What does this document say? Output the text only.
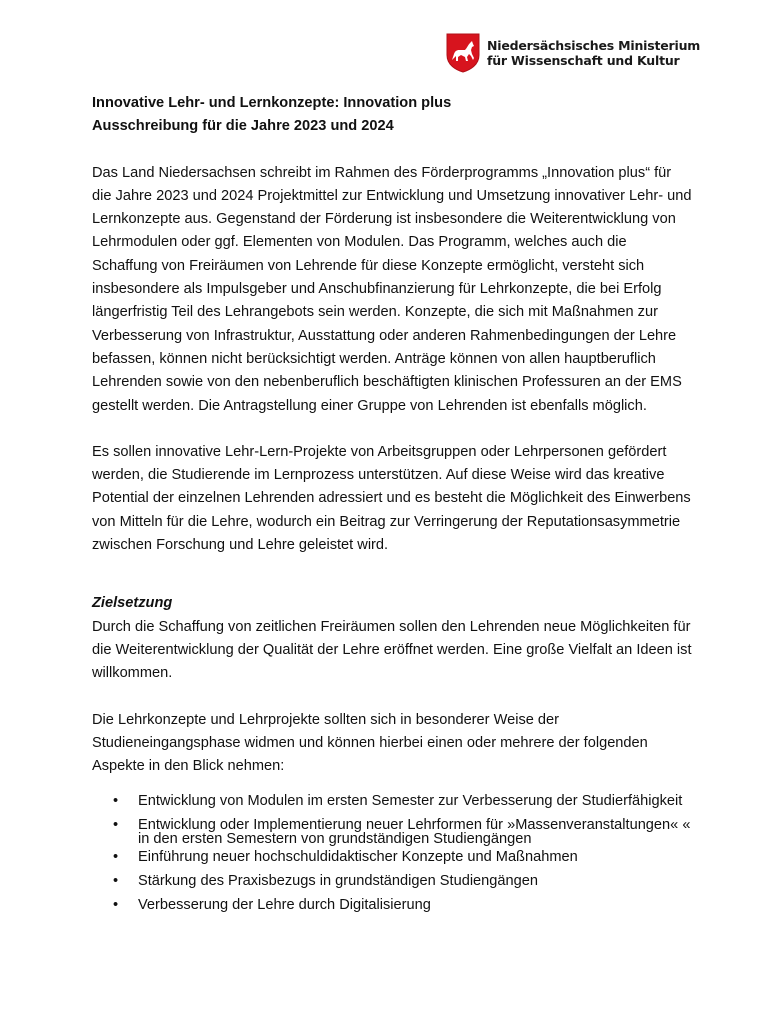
Niedersächsisches Ministerium
für Wissenschaft und Kultur

Innovative Lehr- und Lernkonzepte: Innovation plus

Ausschreibung für die Jahre 2023 und 2024

Das Land Niedersachsen schreibt im Rahmen des Förderprogramms „Innovation plus“ für die Jahre 2023 und 2024 Projektmittel zur Entwicklung und Umsetzung innovativer Lehr- und Lernkonzepte aus. Gegenstand der Förderung ist insbesondere die Weiterentwicklung von Lehrmodulen oder ggf. Elementen von Modulen. Das Programm, welches auch die Schaffung von Freiräumen von Lehrende für diese Konzepte ermöglicht, versteht sich insbesondere als Impulsgeber und Anschubfinanzierung für Lehrkonzepte, die bei Erfolg längerfristig Teil des Lehrangebots sein werden. Konzepte, die sich mit Maßnahmen zur Verbesserung von Infrastruktur, Ausstattung oder anderen Rahmenbedingungen der Lehre befassen, können nicht berücksichtigt werden. Anträge können von allen hauptberuflich Lehrenden sowie von den nebenberuflich beschäftigten klinischen Professuren an der EMS gestellt werden. Die Antragstellung einer Gruppe von Lehrenden ist ebenfalls möglich.

Es sollen innovative Lehr-Lern-Projekte von Arbeitsgruppen oder Lehrpersonen gefördert werden, die Studierende im Lernprozess unterstützen. Auf diese Weise wird das kreative Potential der einzelnen Lehrenden adressiert und es besteht die Möglichkeit des Einwerbens von Mitteln für die Lehre, wodurch ein Beitrag zur Verringerung der Reputationsasymmetrie zwischen Forschung und Lehre geleistet wird.

Zielsetzung

Durch die Schaffung von zeitlichen Freiräumen sollen den Lehrenden neue Möglichkeiten für die Weiterentwicklung der Qualität der Lehre eröffnet werden. Eine große Vielfalt an Ideen ist willkommen.

Die Lehrkonzepte und Lehrprojekte sollten sich in besonderer Weise der Studieneingangsphase widmen und können hierbei einen oder mehrere der folgenden Aspekte in den Blick nehmen:

• Entwicklung von Modulen im ersten Semester zur Verbesserung der Studierfähigkeit
• Entwicklung oder Implementierung neuer Lehrformen für »Massenveranstaltungen« « in den ersten Semestern von grundständigen Studiengängen
• Einführung neuer hochschuldidaktischer Konzepte und Maßnahmen
• Stärkung des Praxisbezugs in grundständigen Studiengängen
• Verbesserung der Lehre durch Digitalisierung
